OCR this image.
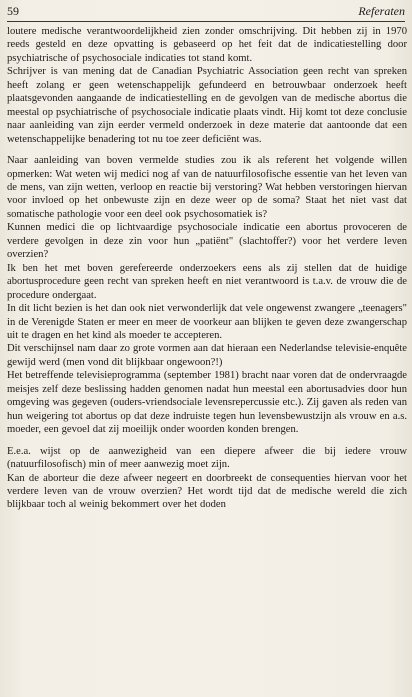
59	Referaten

loutere medische verantwoordelijkheid zien zonder omschrijving. Dit hebben zij in 1970 reeds gesteld en deze opvatting is gebaseerd op het feit dat de indicatiestelling door psychiatrische of psychosociale indicaties tot stand komt.

Schrijver is van mening dat de Canadian Psychiatric Association geen recht van spreken heeft zolang er geen wetenschappelijk gefundeerd en betrouwbaar onderzoek heeft plaatsgevonden aangaande de indicatiestelling en de gevolgen van de medische abortus die meestal op psychiatrische of psychosociale indicatie plaats vindt. Hij komt tot deze conclusie naar aanleiding van zijn eerder vermeld onderzoek in deze materie dat aantoonde dat een wetenschappelijke benadering tot nu toe zeer deficiënt was.

Naar aanleiding van boven vermelde studies zou ik als referent het volgende willen opmerken: Wat weten wij medici nog af van de natuurfilosofische essentie van het leven van de mens, van zijn wetten, verloop en reactie bij verstoring? Wat hebben verstoringen hiervan voor invloed op het onbewuste zijn en deze weer op de soma? Staat het niet vast dat somatische pathologie voor een deel ook psychosomatiek is?

Kunnen medici die op lichtvaardige psychosociale indicatie een abortus provoceren de verdere gevolgen in deze zin voor hun „patiënt" (slachtoffer?) voor het verdere leven overzien?

Ik ben het met boven gerefereerde onderzoekers eens als zij stellen dat de huidige abortusprocedure geen recht van spreken heeft en niet verantwoord is t.a.v. de vrouw die de procedure ondergaat.

In dit licht bezien is het dan ook niet verwonderlijk dat vele ongewenst zwangere „teenagers" in de Verenigde Staten er meer en meer de voorkeur aan blijken te geven deze zwangerschap uit te dragen en het kind als moeder te accepteren.

Dit verschijnsel nam daar zo grote vormen aan dat hieraan een Nederlandse televisie-enquête gewijd werd (men vond dit blijkbaar ongewoon?!)

Het betreffende televisieprogramma (september 1981) bracht naar voren dat de ondervraagde meisjes zelf deze beslissing hadden genomen nadat hun meestal een abortusadvies door hun omgeving was gegeven (ouders-vriendsociale levensrepercussie etc.). Zij gaven als reden van hun weigering tot abortus op dat deze indruiste tegen hun levensbewustzijn als vrouw en a.s. moeder, een gevoel dat zij moeilijk onder woorden konden brengen.

E.e.a. wijst op de aanwezigheid van een diepere afweer die bij iedere vrouw (natuurfilosofisch) min of meer aanwezig moet zijn.

Kan de aborteur die deze afweer negeert en doorbreekt de consequenties hiervan voor het verdere leven van de vrouw overzien? Het wordt tijd dat de medische wereld die zich blijkbaar toch al weinig bekommert over het doden
